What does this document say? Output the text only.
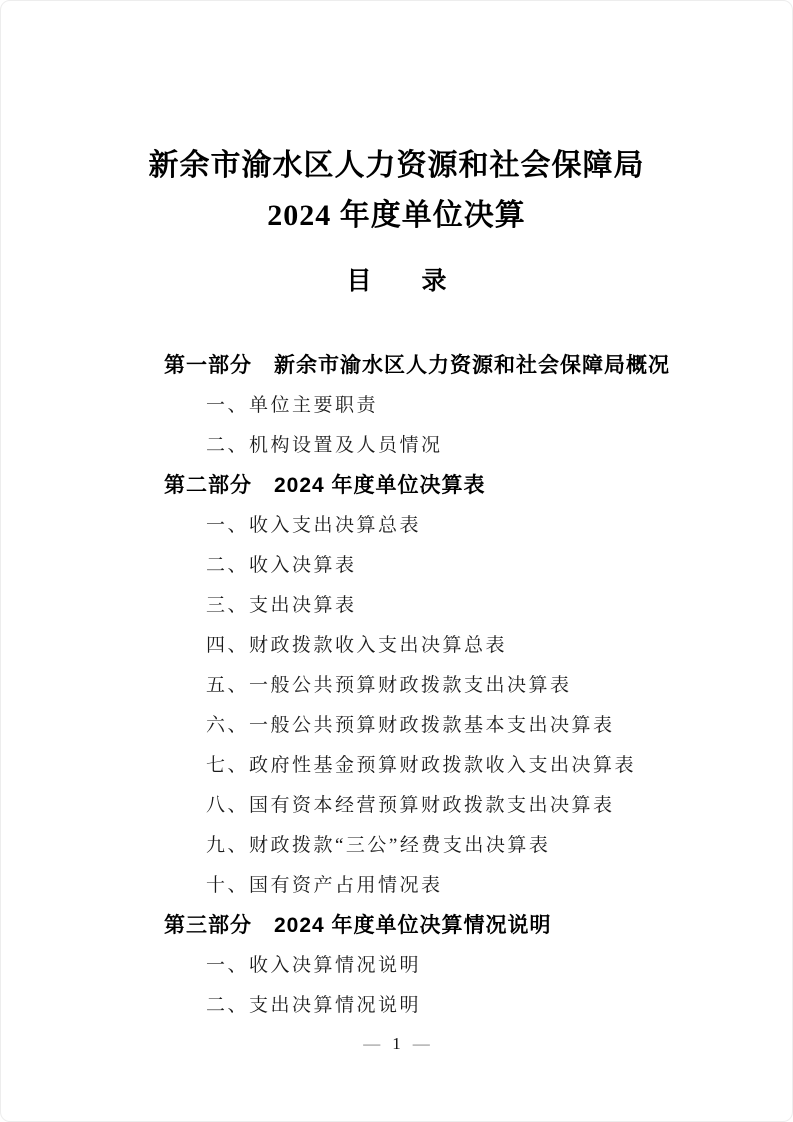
新余市渝水区人力资源和社会保障局
2024 年度单位决算
目　　录
第一部分　新余市渝水区人力资源和社会保障局概况
一、单位主要职责
二、机构设置及人员情况
第二部分　2024 年度单位决算表
一、收入支出决算总表
二、收入决算表
三、支出决算表
四、财政拨款收入支出决算总表
五、一般公共预算财政拨款支出决算表
六、一般公共预算财政拨款基本支出决算表
七、政府性基金预算财政拨款收入支出决算表
八、国有资本经营预算财政拨款支出决算表
九、财政拨款“三公”经费支出决算表
十、国有资产占用情况表
第三部分　2024 年度单位决算情况说明
一、收入决算情况说明
二、支出决算情况说明
— 1 —
